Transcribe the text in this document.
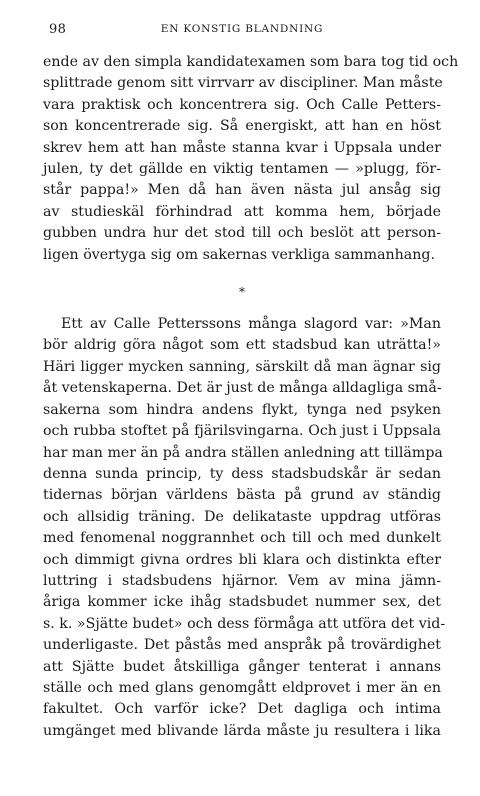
98	EN KONSTIG BLANDNING

ende av den simpla kandidatexamen som bara tog tid och
splittrade genom sitt virrvarr av discipliner. Man måste
vara praktisk och koncentrera sig. Och Calle Petters-
son koncentrerade sig. Så energiskt, att han en höst
skrev hem att han måste stanna kvar i Uppsala under
julen, ty det gällde en viktig tentamen — »plugg, för-
står pappa!» Men då han även nästa jul ansåg sig
av studieskäl förhindrad att komma hem, började
gubben undra hur det stod till och beslöt att person-
ligen övertyga sig om sakernas verkliga sammanhang.

*

Ett av Calle Petterssons många slagord var: »Man
bör aldrig göra något som ett stadsbud kan uträtta!»
Häri ligger mycken sanning, särskilt då man ägnar sig
åt vetenskaperna. Det är just de många alldagliga små-
sakerna som hindra andens flykt, tynga ned psyken
och rubba stoftet på fjärilsvingarna. Och just i Uppsala
har man mer än på andra ställen anledning att tillämpa
denna sunda princip, ty dess stadsbudskår är sedan
tidernas början världens bästa på grund av ständig
och allsidig träning. De delikataste uppdrag utföras
med fenomenal noggrannhet och till och med dunkelt
och dimmigt givna ordres bli klara och distinkta efter
luttring i stadsbudens hjärnor. Vem av mina jämn-
åriga kommer icke ihåg stadsbudet nummer sex, det
s. k. »Sjätte budet» och dess förmåga att utföra det vid-
underligaste. Det påstås med anspråk på trovärdighet
att Sjätte budet åtskilliga gånger tenterat i annans
ställe och med glans genomgått eldprovet i mer än en
fakultet. Och varför icke? Det dagliga och intima
umgänget med blivande lärda måste ju resultera i lika
